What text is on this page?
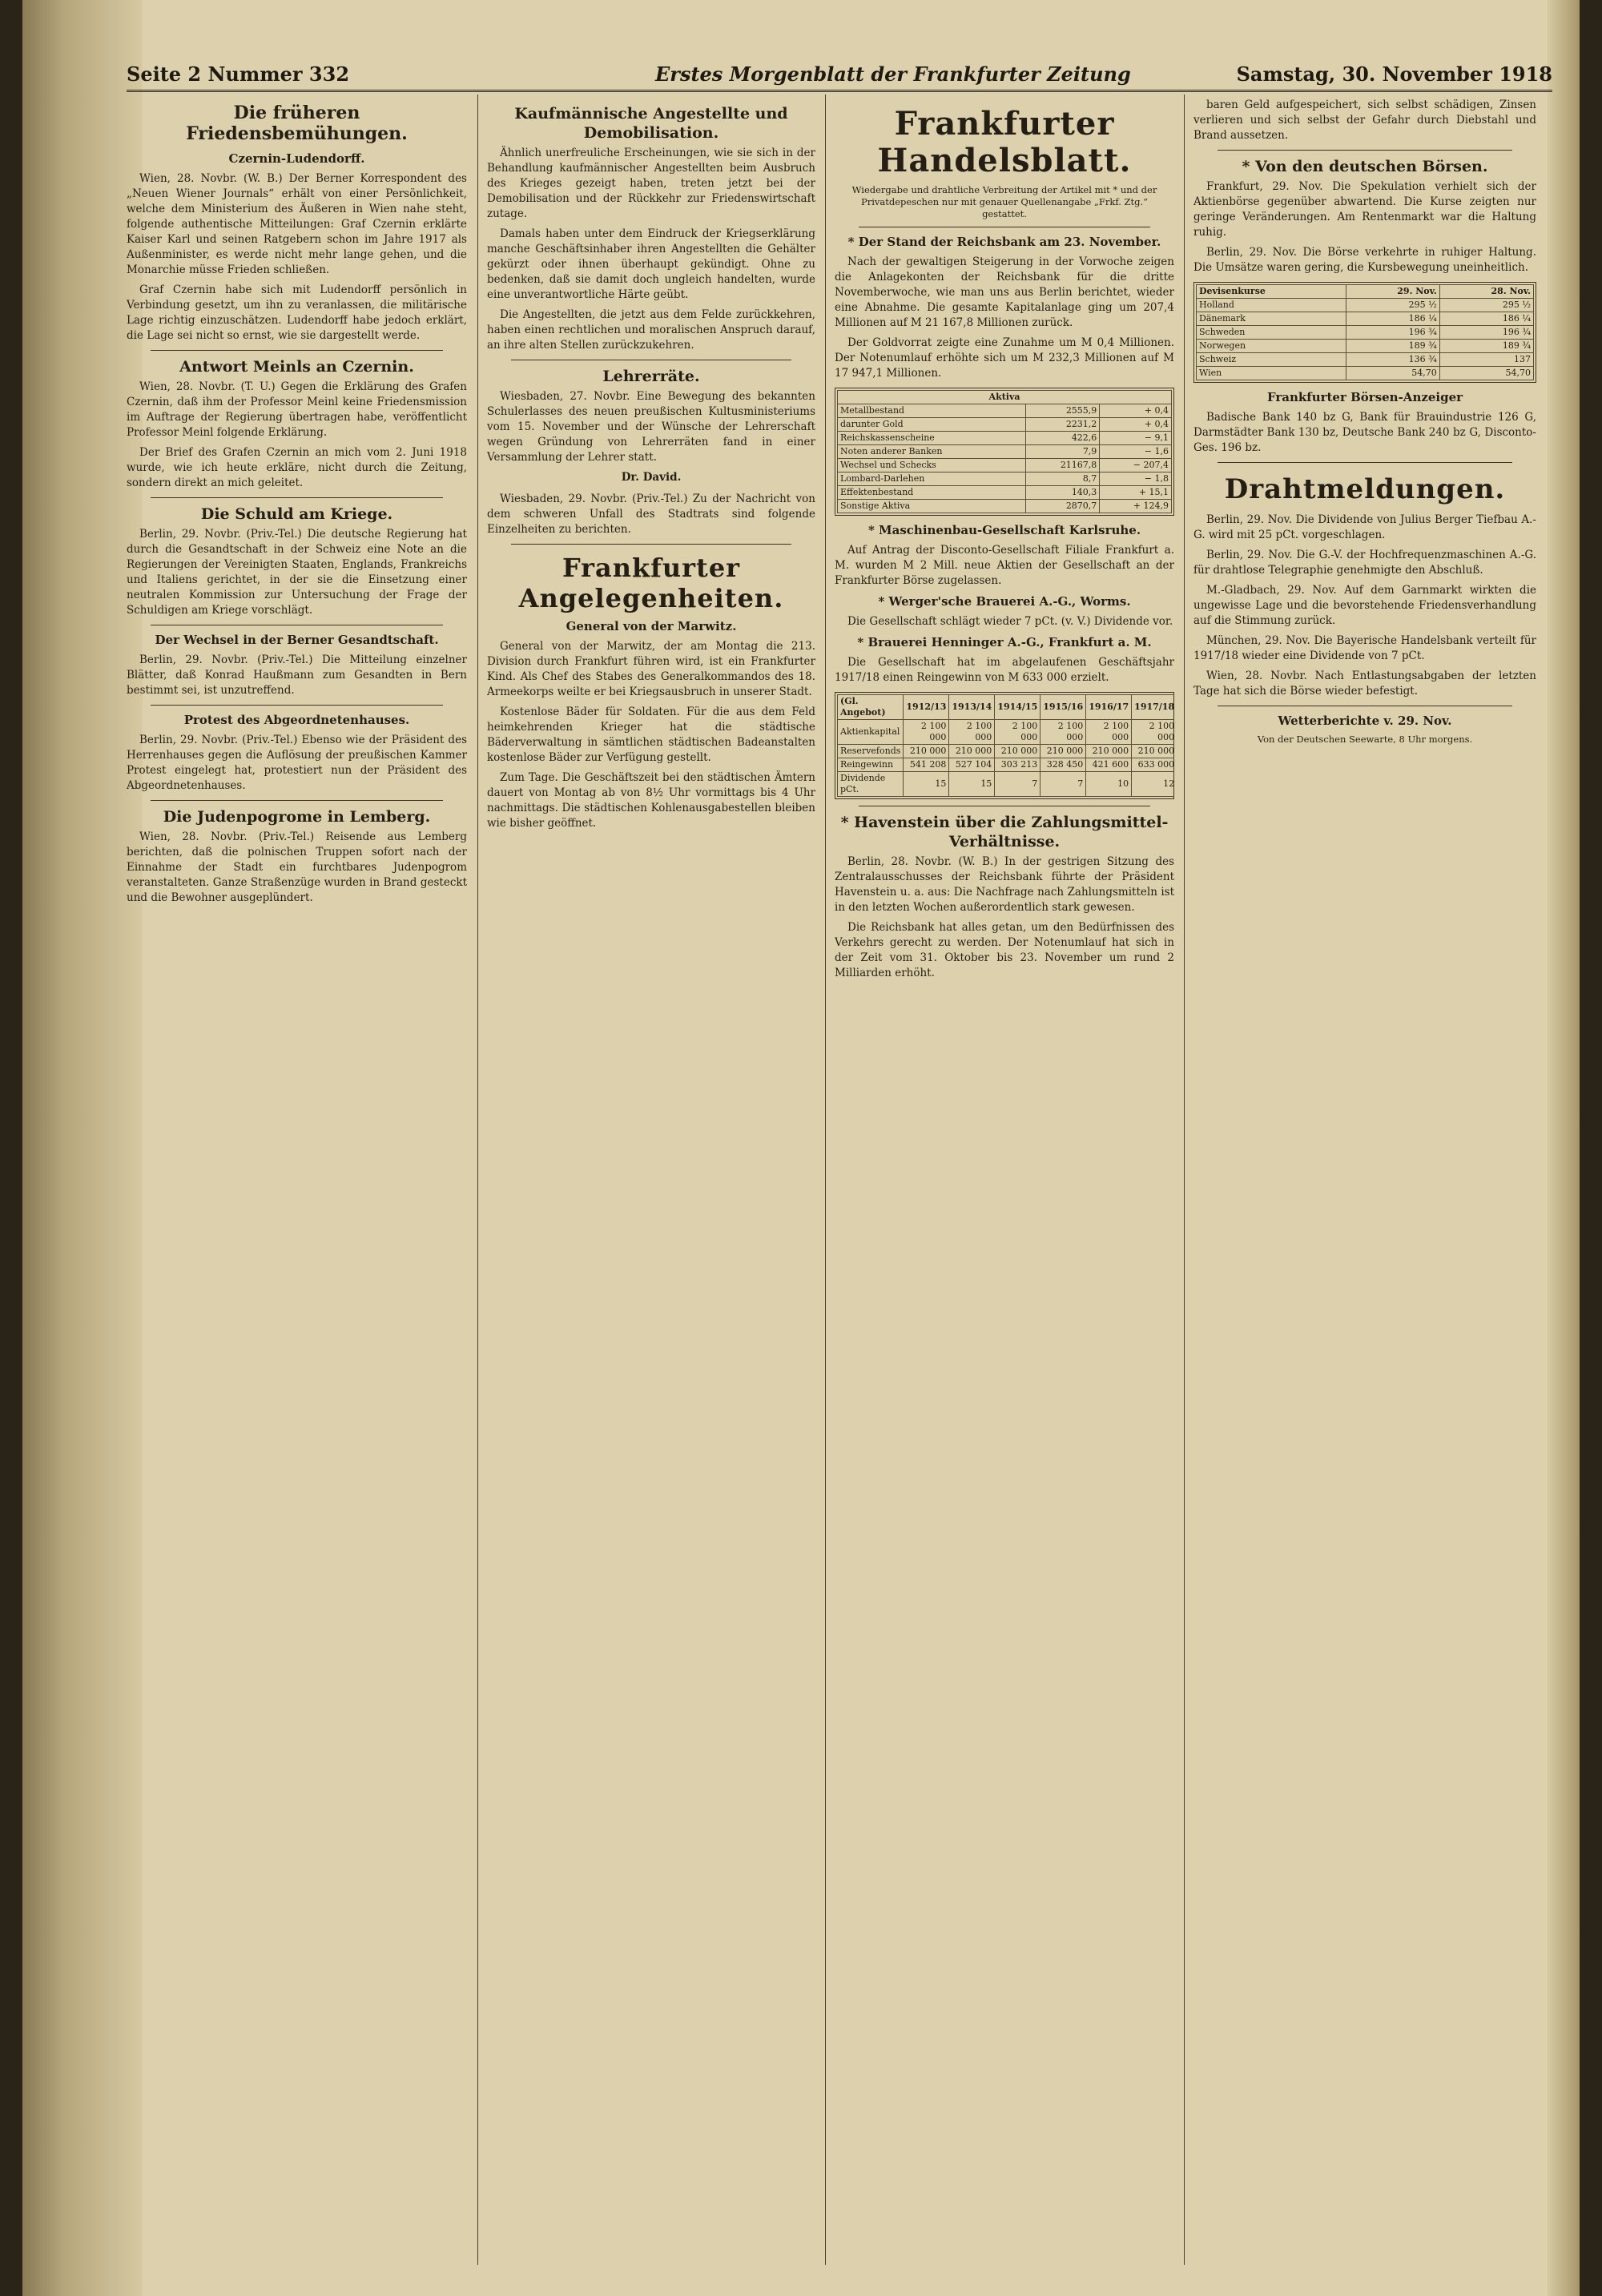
Seite 2 Nummer 332	Erstes Morgenblatt der Frankfurter Zeitung	Samstag, 30. November 1918
Die früheren Friedensbemühungen.
Czernin-Ludendorff.

Wien, 28. Novbr. (W. B.) Der Berner Korrespondent des „Neuen Wiener Journals“ erhält von einer Persönlichkeit, welche dem Ministerium des Äußeren in Wien nahe steht, folgende authentische Mitteilungen: Graf Czernin erklärte Kaiser Karl und seinen Ratgebern schon im Jahre 1917 als Außenminister, es werde nicht mehr lange gehen, und die Monarchie müsse Frieden schließen.

Graf Czernin habe sich mit Ludendorff persönlich in Verbindung gesetzt, um ihn zu veranlassen, die militärische Lage richtig einzuschätzen. Ludendorff habe jedoch erklärt, die Lage sei nicht so ernst, wie sie dargestellt werde.

Antwort Meinls an Czernin.

Wien, 28. Novbr. (T. U.) Gegen die Erklärung des Grafen Czernin, daß ihm der Professor Meinl keine Friedensmission im Auftrage der Regierung übertragen habe, veröffentlicht Professor Meinl folgende Erklärung.

Der Brief des Grafen Czernin an mich vom 2. Juni 1918 wurde, wie ich heute erkläre, nicht durch die Zeitung, sondern direkt an mich geleitet.

Die Schuld am Kriege.

Berlin, 29. Novbr. (Priv.-Tel.) Die deutsche Regierung hat durch die Gesandtschaft in der Schweiz eine Note an die Regierungen der Vereinigten Staaten, Englands, Frankreichs und Italiens gerichtet, in der sie die Einsetzung einer neutralen Kommission zur Untersuchung der Frage der Schuldigen am Kriege vorschlägt.

Der Wechsel in der Berner Gesandtschaft.

Berlin, 29. Novbr. (Priv.-Tel.) Die Mitteilung einzelner Blätter, daß Konrad Haußmann zum Gesandten in Bern bestimmt sei, ist unzutreffend.

Protest des Abgeordnetenhauses.

Berlin, 29. Novbr. (Priv.-Tel.) Ebenso wie der Präsident des Herrenhauses gegen die Auflösung der preußischen Kammer Protest eingelegt hat, protestiert nun der Präsident des Abgeordnetenhauses.

Die Judenpogrome in Lemberg.

Wien, 28. Novbr. (Priv.-Tel.) Reisende aus Lemberg berichten, daß die polnischen Truppen sofort nach der Einnahme der Stadt ein furchtbares Judenpogrom veranstalteten. Ganze Straßenzüge wurden in Brand gesteckt und die Bewohner ausgeplündert.

Kaufmännische Angestellte und Demobilisation.

Ähnlich unerfreuliche Erscheinungen, wie sie sich in der Behandlung kaufmännischer Angestellten beim Ausbruch des Krieges gezeigt haben, treten jetzt bei der Demobilisation und der Rückkehr zur Friedenswirtschaft zutage.

Damals haben unter dem Eindruck der Kriegserklärung manche Geschäftsinhaber ihren Angestellten die Gehälter gekürzt oder ihnen überhaupt gekündigt. Ohne zu bedenken, daß sie damit doch ungleich handelten, wurde eine unverantwortliche Härte geübt.

Die Angestellten, die jetzt aus dem Felde zurückkehren, haben einen rechtlichen und moralischen Anspruch darauf, an ihre alten Stellen zurückzukehren.

Lehrerräte.

Wiesbaden, 27. Novbr. Eine Bewegung des bekannten Schulerlasses des neuen preußischen Kultusministeriums vom 15. November und der Wünsche der Lehrerschaft wegen Gründung von Lehrerräten fand in einer Versammlung der Lehrer statt.

Dr. David.

Wiesbaden, 29. Novbr. (Priv.-Tel.) Zu der Nachricht von dem schweren Unfall des Stadtrats sind folgende Einzelheiten zu berichten.

Frankfurter Angelegenheiten.
General von der Marwitz.

General von der Marwitz, der am Montag die 213. Division durch Frankfurt führen wird, ist ein Frankfurter Kind. Als Chef des Stabes des Generalkommandos des 18. Armeekorps weilte er bei Kriegsausbruch in unserer Stadt.

Kostenlose Bäder für Soldaten. Für die aus dem Feld heimkehrenden Krieger hat die städtische Bäderverwaltung in sämtlichen städtischen Badeanstalten kostenlose Bäder zur Verfügung gestellt.

Zum Tage. Die Geschäftszeit bei den städtischen Ämtern dauert von Montag ab von 8½ Uhr vormittags bis 4 Uhr nachmittags. Die städtischen Kohlenausgabestellen bleiben wie bisher geöffnet.

Frankfurter Handelsblatt.
Wiedergabe und drahtliche Verbreitung der Artikel mit * und der Privatdepeschen nur mit genauer Quellenangabe „Frkf. Ztg.“ gestattet.
* Der Stand der Reichsbank am 23. November.

Nach der gewaltigen Steigerung in der Vorwoche zeigen die Anlagekonten der Reichsbank für die dritte Novemberwoche, wie man uns aus Berlin berichtet, wieder eine Abnahme. Die gesamte Kapitalanlage ging um 207,4 Millionen auf M 21 167,8 Millionen zurück.

Der Goldvorrat zeigte eine Zunahme um M 0,4 Millionen. Der Notenumlauf erhöhte sich um M 232,3 Millionen auf M 17 947,1 Millionen.

Aktiva		
Metallbestand	2555,9	+ 0,4
darunter Gold	2231,2	+ 0,4
Reichskassenscheine	422,6	− 9,1
Noten anderer Banken	7,9	− 1,6
Wechsel und Schecks	21167,8	− 207,4
Lombard-Darlehen	8,7	− 1,8
Effektenbestand	140,3	+ 15,1
Sonstige Aktiva	2870,7	+ 124,9
* Maschinenbau-Gesellschaft Karlsruhe.

Auf Antrag der Disconto-Gesellschaft Filiale Frankfurt a. M. wurden M 2 Mill. neue Aktien der Gesellschaft an der Frankfurter Börse zugelassen.

* Werger'sche Brauerei A.-G., Worms.

Die Gesellschaft schlägt wieder 7 pCt. (v. V.) Dividende vor.

* Brauerei Henninger A.-G., Frankfurt a. M.

Die Gesellschaft hat im abgelaufenen Geschäftsjahr 1917/18 einen Reingewinn von M 633 000 erzielt.

(Gl. Angebot)	1912/13	1913/14	1914/15	1915/16	1916/17	1917/18
Aktienkapital	2 100 000	2 100 000	2 100 000	2 100 000	2 100 000	2 100 000
Reservefonds	210 000	210 000	210 000	210 000	210 000	210 000
Reingewinn	541 208	527 104	303 213	328 450	421 600	633 000
Dividende pCt.	15	15	7	7	10	12
* Havenstein über die Zahlungsmittel-Verhältnisse.

Berlin, 28. Novbr. (W. B.) In der gestrigen Sitzung des Zentralausschusses der Reichsbank führte der Präsident Havenstein u. a. aus: Die Nachfrage nach Zahlungsmitteln ist in den letzten Wochen außerordentlich stark gewesen.

Die Reichsbank hat alles getan, um den Bedürfnissen des Verkehrs gerecht zu werden. Der Notenumlauf hat sich in der Zeit vom 31. Oktober bis 23. November um rund 2 Milliarden erhöht.

baren Geld aufgespeichert, sich selbst schädigen, Zinsen verlieren und sich selbst der Gefahr durch Diebstahl und Brand aussetzen.

* Von den deutschen Börsen.

Frankfurt, 29. Nov. Die Spekulation verhielt sich der Aktienbörse gegenüber abwartend. Die Kurse zeigten nur geringe Veränderungen. Am Rentenmarkt war die Haltung ruhig.

Berlin, 29. Nov. Die Börse verkehrte in ruhiger Haltung. Die Umsätze waren gering, die Kursbewegung uneinheitlich.

Devisenkurse	29. Nov.	28. Nov.
Holland	295 ½	295 ½
Dänemark	186 ¼	186 ¼
Schweden	196 ¾	196 ¾
Norwegen	189 ¾	189 ¾
Schweiz	136 ¾	137
Wien	54,70	54,70
Frankfurter Börsen-Anzeiger

Badische Bank 140 bz G, Bank für Brauindustrie 126 G, Darmstädter Bank 130 bz, Deutsche Bank 240 bz G, Disconto-Ges. 196 bz.

Drahtmeldungen.

Berlin, 29. Nov. Die Dividende von Julius Berger Tiefbau A.-G. wird mit 25 pCt. vorgeschlagen.

Berlin, 29. Nov. Die G.-V. der Hochfrequenzmaschinen A.-G. für drahtlose Telegraphie genehmigte den Abschluß.

M.-Gladbach, 29. Nov. Auf dem Garnmarkt wirkten die ungewisse Lage und die bevorstehende Friedensverhandlung auf die Stimmung zurück.

München, 29. Nov. Die Bayerische Handelsbank verteilt für 1917/18 wieder eine Dividende von 7 pCt.

Wien, 28. Novbr. Nach Entlastungsabgaben der letzten Tage hat sich die Börse wieder befestigt.

Wetterberichte v. 29. Nov.
Von der Deutschen Seewarte, 8 Uhr morgens.
